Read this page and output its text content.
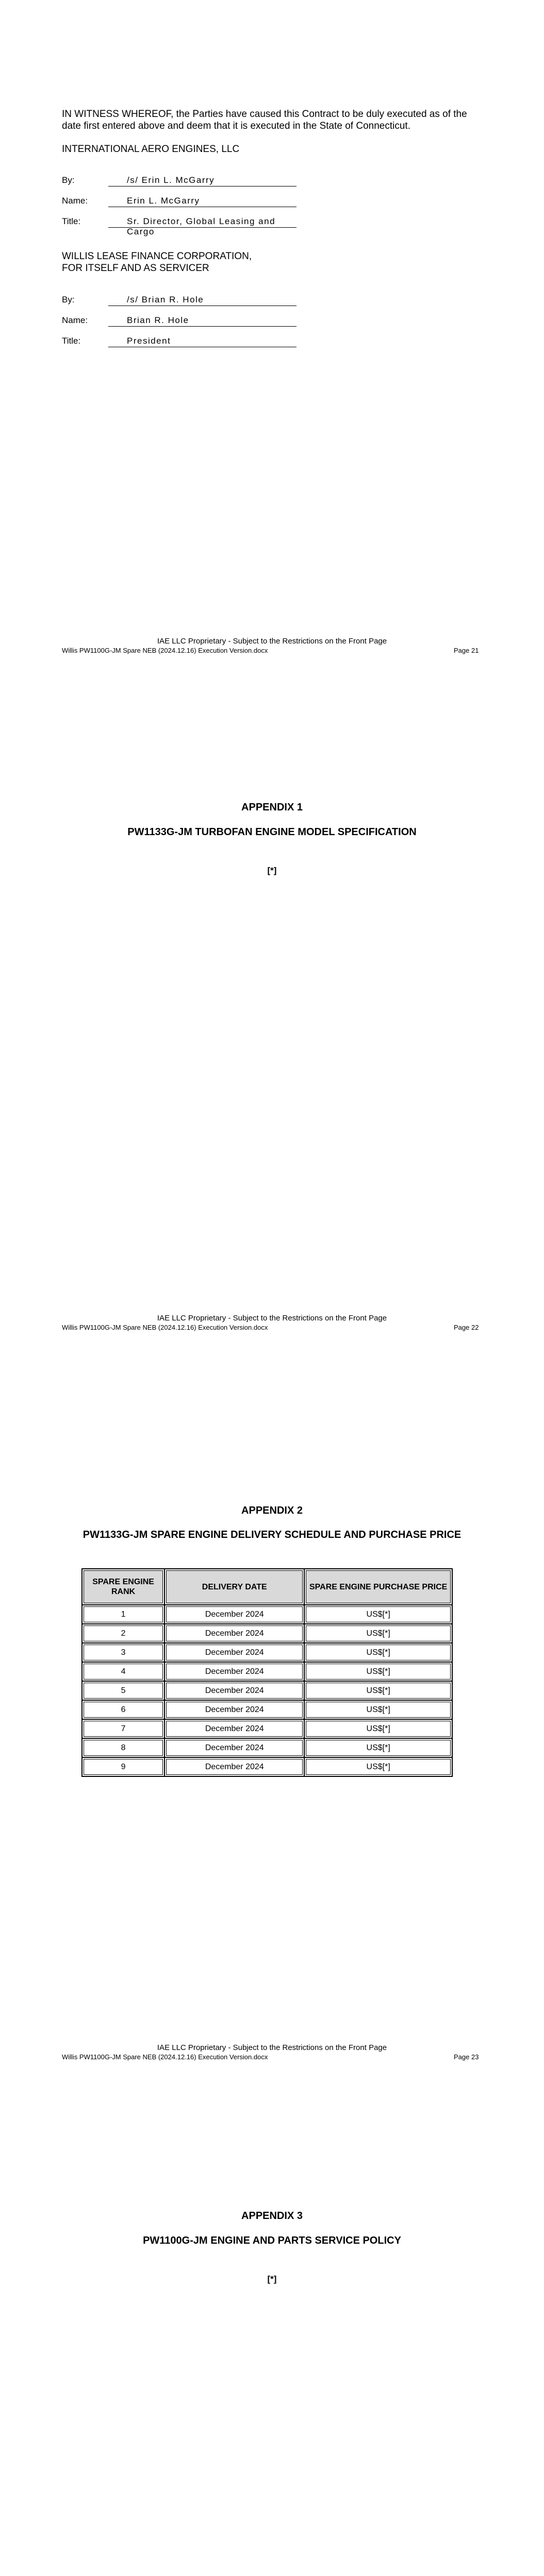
IN WITNESS WHEREOF, the Parties have caused this Contract to be duly executed as of the date first entered above and deem that it is executed in the State of Connecticut.
INTERNATIONAL AERO ENGINES, LLC
By:	/s/ Erin L. McGarry
Name:	Erin L. McGarry
Title:	Sr. Director, Global Leasing and Cargo
WILLIS LEASE FINANCE CORPORATION,
FOR ITSELF AND AS SERVICER
By:	/s/ Brian R. Hole
Name:	Brian R. Hole
Title:	President
IAE LLC Proprietary - Subject to the Restrictions on the Front Page
Willis PW1100G-JM Spare NEB (2024.12.16) Execution Version.docx	Page 21
APPENDIX 1
PW1133G-JM TURBOFAN ENGINE MODEL SPECIFICATION
[*]
IAE LLC Proprietary - Subject to the Restrictions on the Front Page
Willis PW1100G-JM Spare NEB (2024.12.16) Execution Version.docx	Page 22
APPENDIX 2
PW1133G-JM SPARE ENGINE DELIVERY SCHEDULE AND PURCHASE PRICE
SPARE ENGINE RANK	DELIVERY DATE	SPARE ENGINE PURCHASE PRICE
1	December 2024	US$[*]
2	December 2024	US$[*]
3	December 2024	US$[*]
4	December 2024	US$[*]
5	December 2024	US$[*]
6	December 2024	US$[*]
7	December 2024	US$[*]
8	December 2024	US$[*]
9	December 2024	US$[*]
IAE LLC Proprietary - Subject to the Restrictions on the Front Page
Willis PW1100G-JM Spare NEB (2024.12.16) Execution Version.docx	Page 23
APPENDIX 3
PW1100G-JM ENGINE AND PARTS SERVICE POLICY
[*]
